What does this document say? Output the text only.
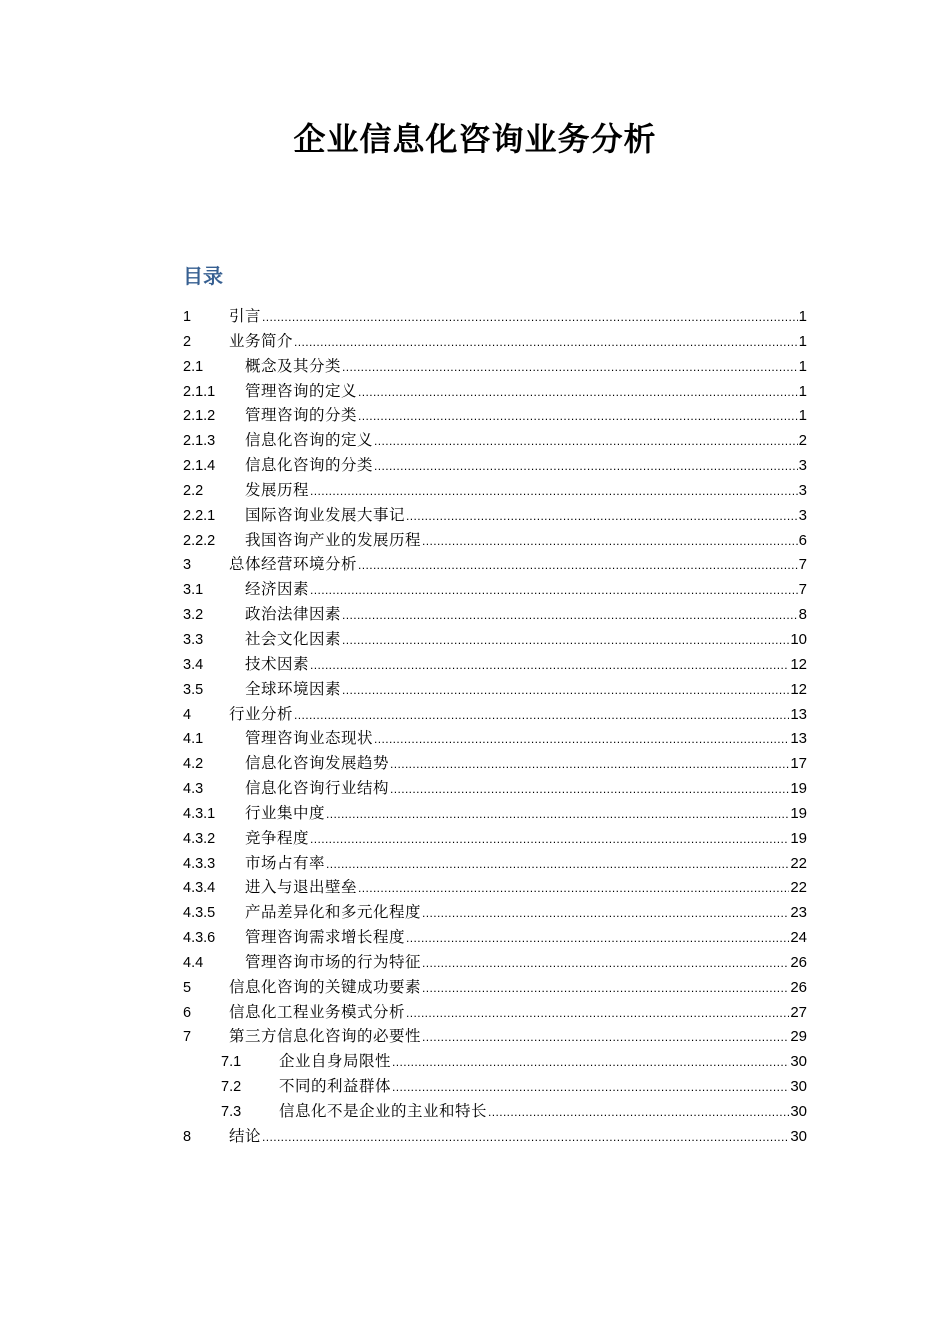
企业信息化咨询业务分析
目录
1	引言 .....	1
2	业务简介 .....	1
2.1	概念及其分类 .....	1
2.1.1	管理咨询的定义 .....	1
2.1.2	管理咨询的分类 .....	1
2.1.3	信息化咨询的定义 .....	2
2.1.4	信息化咨询的分类 .....	3
2.2	发展历程 .....	3
2.2.1	国际咨询业发展大事记 .....	3
2.2.2	我国咨询产业的发展历程 .....	6
3	总体经营环境分析 .....	7
3.1	经济因素 .....	7
3.2	政治法律因素 .....	8
3.3	社会文化因素 .....	10
3.4	技术因素 .....	12
3.5	全球环境因素 .....	12
4	行业分析 .....	13
4.1	管理咨询业态现状 .....	13
4.2	信息化咨询发展趋势 .....	17
4.3	信息化咨询行业结构 .....	19
4.3.1	行业集中度 .....	19
4.3.2	竞争程度 .....	19
4.3.3	市场占有率 .....	22
4.3.4	进入与退出壁垒 .....	22
4.3.5	产品差异化和多元化程度 .....	23
4.3.6	管理咨询需求增长程度 .....	24
4.4	管理咨询市场的行为特征 .....	26
5	信息化咨询的关键成功要素 .....	26
6	信息化工程业务模式分析 .....	27
7	第三方信息化咨询的必要性 .....	29
7.1	企业自身局限性 .....	30
7.2	不同的利益群体 .....	30
7.3	信息化不是企业的主业和特长 .....	30
8	结论 .....	30
